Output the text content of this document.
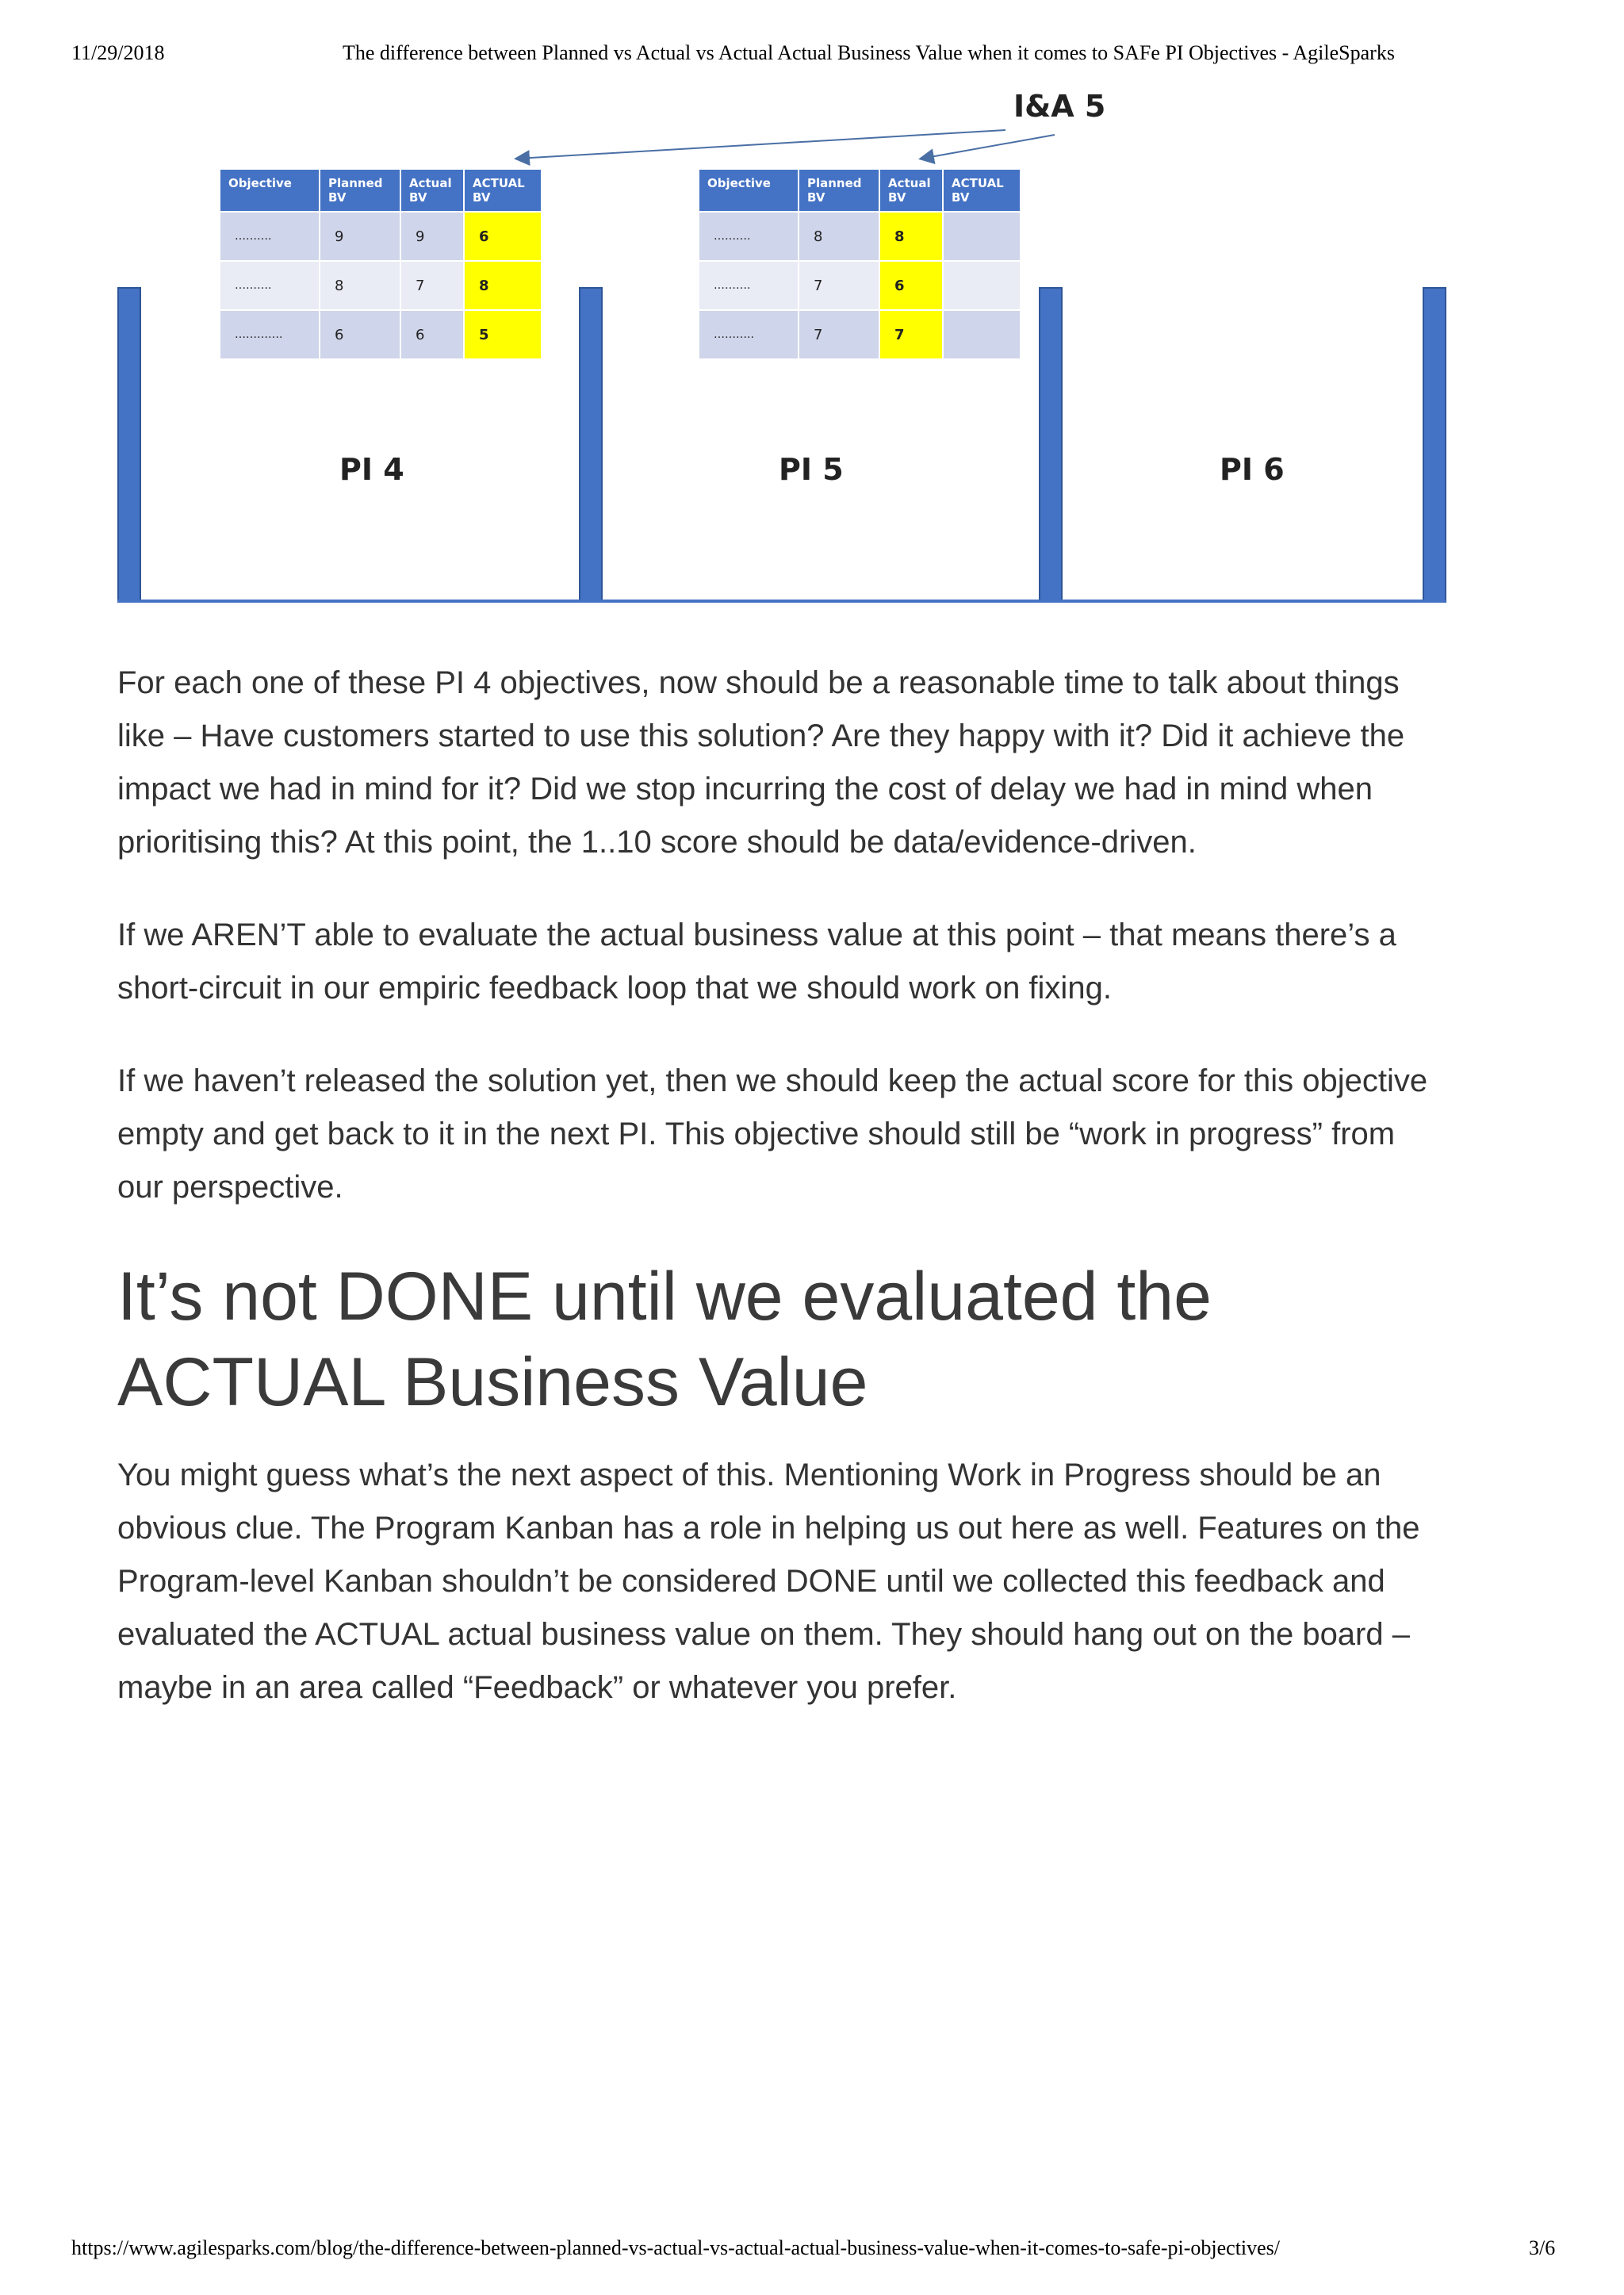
11/29/2018	The difference between Planned vs Actual vs Actual Actual Business Value when it comes to SAFe PI Objectives - AgileSparks
I&A 5
PI 4	PI 5	PI 6
Objective	Planned BV	Actual BV	ACTUAL BV
……….	9	9	6
……….	8	7	8
………….	6	6	5
Objective	Planned BV	Actual BV	ACTUAL BV
……….	8	8	
……….	7	6	
………..	7	7	

For each one of these PI 4 objectives, now should be a reasonable time to talk about things like – Have customers started to use this solution? Are they happy with it? Did it achieve the impact we had in mind for it? Did we stop incurring the cost of delay we had in mind when prioritising this? At this point, the 1..10 score should be data/evidence-driven.

If we AREN’T able to evaluate the actual business value at this point – that means there’s a short-circuit in our empiric feedback loop that we should work on fixing.

If we haven’t released the solution yet, then we should keep the actual score for this objective empty and get back to it in the next PI. This objective should still be “work in progress” from our perspective.

It’s not DONE until we evaluated the ACTUAL Business Value

You might guess what’s the next aspect of this. Mentioning Work in Progress should be an obvious clue. The Program Kanban has a role in helping us out here as well. Features on the Program-level Kanban shouldn’t be considered DONE until we collected this feedback and evaluated the ACTUAL actual business value on them. They should hang out on the board – maybe in an area called “Feedback” or whatever you prefer.

https://www.agilesparks.com/blog/the-difference-between-planned-vs-actual-vs-actual-actual-business-value-when-it-comes-to-safe-pi-objectives/	3/6
